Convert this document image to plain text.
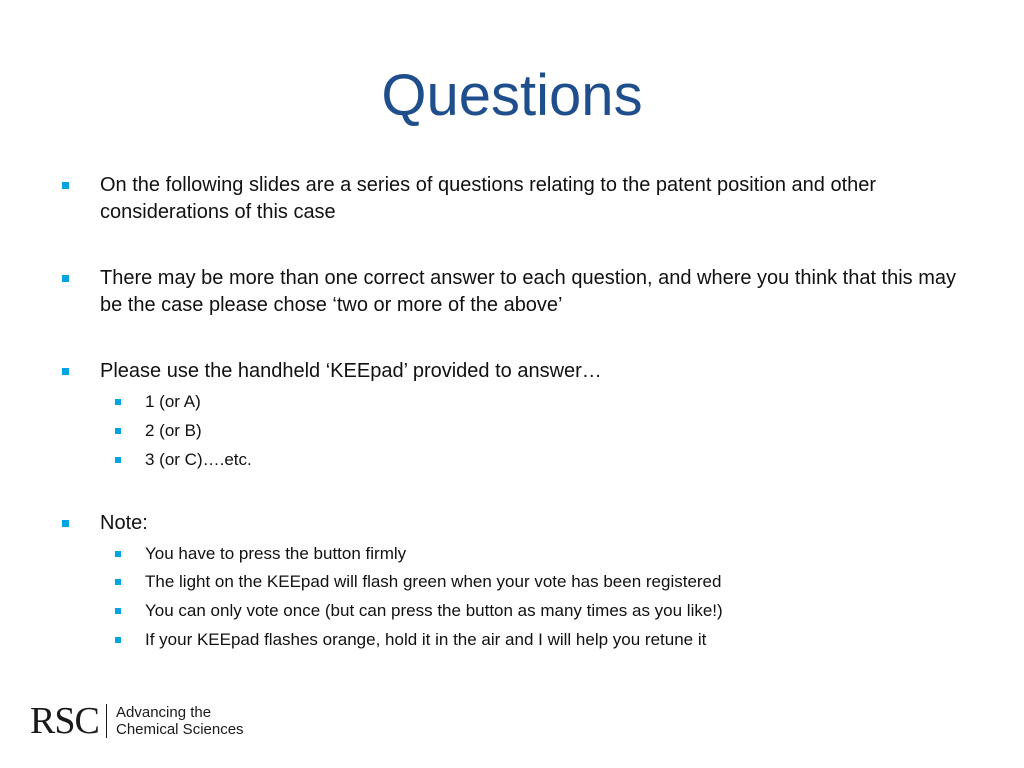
Questions
On the following slides are a series of questions relating to the patent position and other considerations of this case
There may be more than one correct answer to each question, and where you think that this may be the case please chose ‘two or more of the above’
Please use the handheld ‘KEEpad’ provided to answer…
1 (or A)
2 (or B)
3 (or C)….etc.
Note:
You have to press the button firmly
The light on the KEEpad will flash green when your vote has been registered
You can only vote once (but can press the button as many times as you like!)
If your KEEpad flashes orange, hold it in the air and I will help you retune it
RSC Advancing the
Chemical Sciences
